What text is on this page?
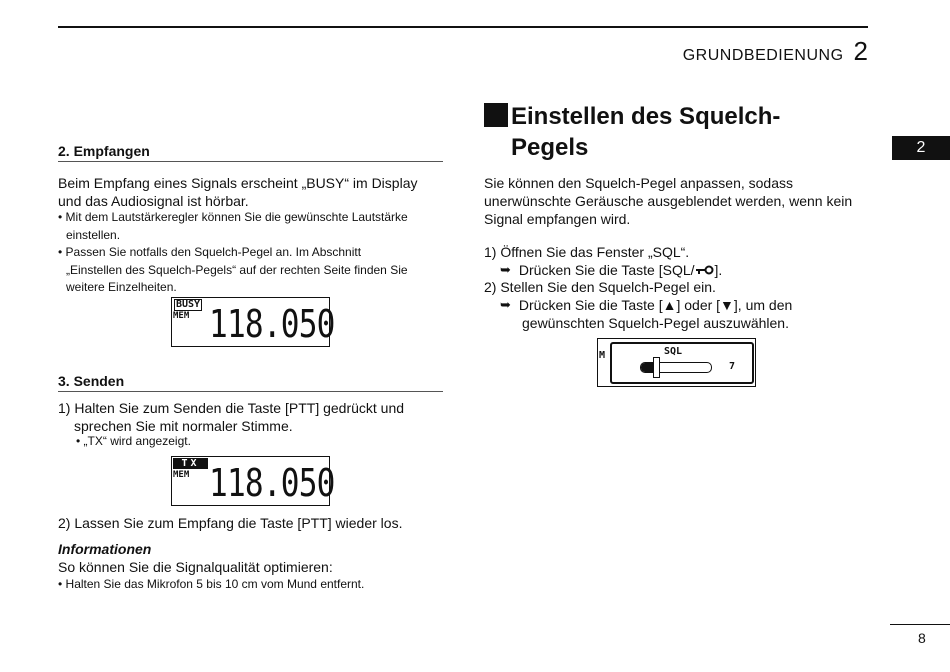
GRUNDBEDIENUNG 2
2
2. Empfangen
Beim Empfang eines Signals erscheint „BUSY“ im Display
und das Audiosignal ist hörbar.
• Mit dem Lautstärkeregler können Sie die gewünschte Lautstärke
einstellen.
• Passen Sie notfalls den Squelch-Pegel an. Im Abschnitt
„Einstellen des Squelch-Pegels“ auf der rechten Seite finden Sie
weitere Einzelheiten.
BUSY
MEM 118.050
3. Senden
1) Halten Sie zum Senden die Taste [PTT] gedrückt und
sprechen Sie mit normaler Stimme.
• „TX“ wird angezeigt.
TX
MEM 118.050
2) Lassen Sie zum Empfang die Taste [PTT] wieder los.
Informationen
So können Sie die Signalqualität optimieren:
• Halten Sie das Mikrofon 5 bis 10 cm vom Mund entfernt.
Einstellen des Squelch-
Pegels
Sie können den Squelch-Pegel anpassen, sodass
unerwünschte Geräusche ausgeblendet werden, wenn kein
Signal empfangen wird.
1) Öffnen Sie das Fenster „SQL“.
➥ Drücken Sie die Taste [SQL/ ].
2) Stellen Sie den Squelch-Pegel ein.
➥ Drücken Sie die Taste [▲] oder [▼], um den
gewünschten Squelch-Pegel auszuwählen.
M	SQL
7
8
